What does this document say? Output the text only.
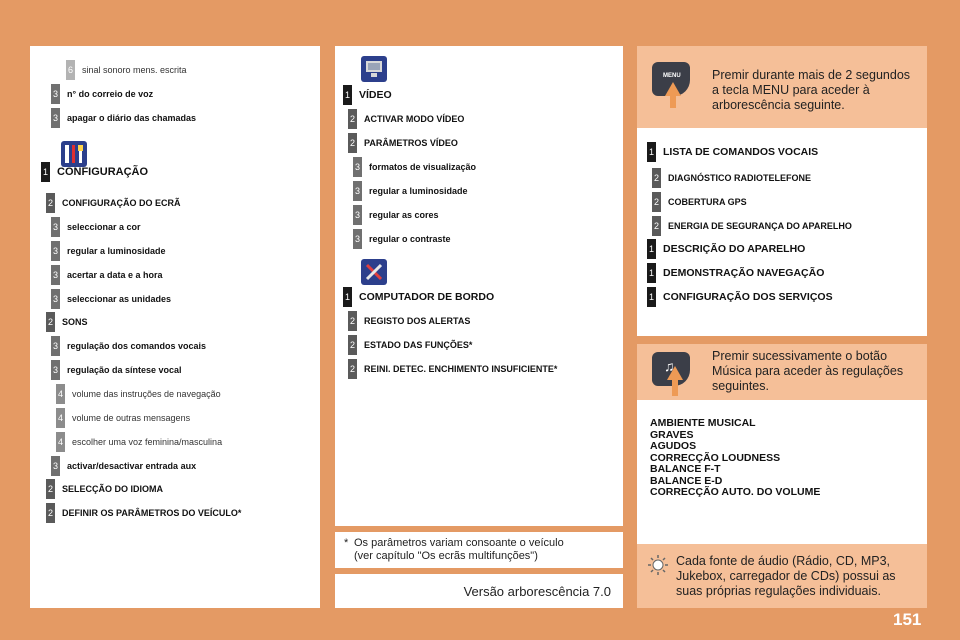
6 sinal sonoro mens. escrita
3 n° do correio de voz
3 apagar o diário das chamadas
1 CONFIGURAÇÃO
2 CONFIGURAÇÃO DO ECRÃ
3 seleccionar a cor
3 regular a luminosidade
3 acertar a data e a hora
3 seleccionar as unidades
2 SONS
3 regulação dos comandos vocais
3 regulação da síntese vocal
4 volume das instruções de navegação
4 volume de outras mensagens
4 escolher uma voz feminina/masculina
3 activar/desactivar entrada aux
2 SELECÇÃO DO IDIOMA
2 DEFINIR OS PARÂMETROS DO VEÍCULO*
1 VÍDEO
2 ACTIVAR MODO VÍDEO
2 PARÂMETROS VÍDEO
3 formatos de visualização
3 regular a luminosidade
3 regular as cores
3 regular o contraste
1 COMPUTADOR DE BORDO
2 REGISTO DOS ALERTAS
2 ESTADO DAS FUNÇÕES*
2 REINI. DETEC. ENCHIMENTO INSUFICIENTE*
* Os parâmetros variam consoante o veículo
(ver capítulo "Os ecrãs multifunções")
Versão arborescência 7.0
MENU	Premir durante mais de 2 segundos
a tecla MENU para aceder à
arborescência seguinte.
1 LISTA DE COMANDOS VOCAIS
2 DIAGNÓSTICO RADIOTELEFONE
2 COBERTURA GPS
2 ENERGIA DE SEGURANÇA DO APARELHO
1 DESCRIÇÃO DO APARELHO
1 DEMONSTRAÇÃO NAVEGAÇÃO
1 CONFIGURAÇÃO DOS SERVIÇOS
♫
Premir sucessivamente o botão
Música para aceder às regulações
seguintes.
AMBIENTE MUSICAL
GRAVES
AGUDOS
CORRECÇÃO LOUDNESS
BALANCE F-T
BALANCE E-D
CORRECÇÃO AUTO. DO VOLUME
Cada fonte de áudio (Rádio, CD, MP3,
Jukebox, carregador de CDs) possui as
suas próprias regulações individuais.
151
